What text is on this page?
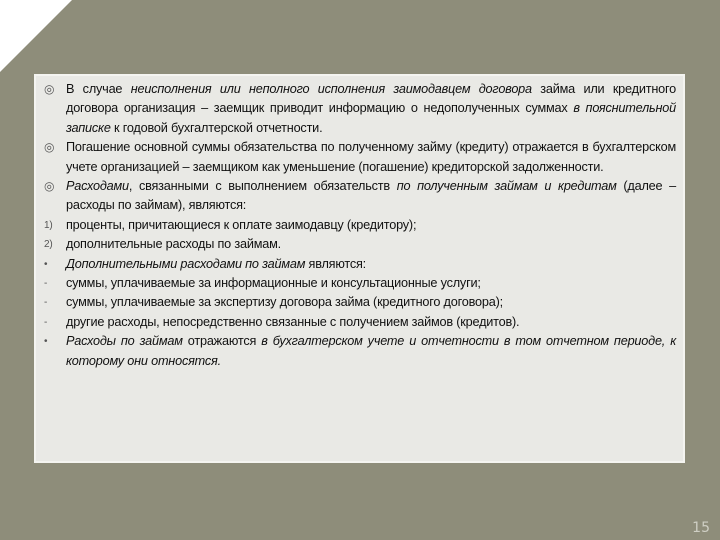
◎ В случае неисполнения или неполного исполнения заимодавцем договора займа или кредитного договора организация – заемщик приводит информацию о недополученных суммах в пояснительной записке к годовой бухгалтерской отчетности.
◎ Погашение основной суммы обязательства по полученному займу (кредиту) отражается в бухгалтерском учете организацией – заемщиком как уменьшение (погашение) кредиторской задолженности.
◎ Расходами, связанными с выполнением обязательств по полученным займам и кредитам (далее – расходы по займам), являются:
1)	проценты, причитающиеся к оплате заимодавцу (кредитору);
2)	дополнительные расходы по займам.
•	Дополнительными расходами по займам являются:
-	суммы, уплачиваемые за информационные и консультационные услуги;
-	суммы, уплачиваемые за экспертизу договора займа (кредитного договора);
-	другие расходы, непосредственно связанные с получением займов (кредитов).
•	Расходы по займам отражаются в бухгалтерском учете и отчетности в том отчетном периоде, к которому они относятся.
15
